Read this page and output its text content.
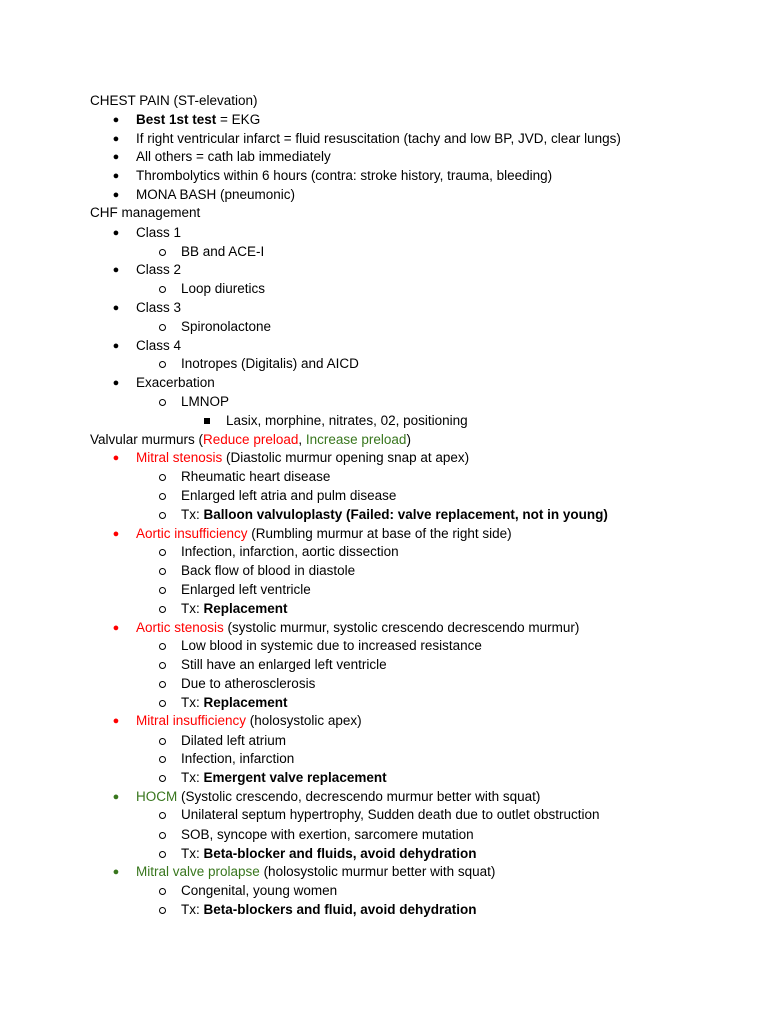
CHEST PAIN (ST-elevation)
● Best 1st test = EKG
● If right ventricular infarct = fluid resuscitation (tachy and low BP, JVD, clear lungs)
● All others = cath lab immediately
● Thrombolytics within 6 hours (contra: stroke history, trauma, bleeding)
● MONA BASH (pneumonic)
CHF management
● Class 1
BB and ACE-I
● Class 2
Loop diuretics
● Class 3
Spironolactone
● Class 4
Inotropes (Digitalis) and AICD
● Exacerbation
LMNOP
Lasix, morphine, nitrates, 02, positioning
Valvular murmurs (Reduce preload, Increase preload)
● Mitral stenosis (Diastolic murmur opening snap at apex)
Rheumatic heart disease
Enlarged left atria and pulm disease
Tx: Balloon valvuloplasty (Failed: valve replacement, not in young)
● Aortic insufficiency (Rumbling murmur at base of the right side)
Infection, infarction, aortic dissection
Back flow of blood in diastole
Enlarged left ventricle
Tx: Replacement
● Aortic stenosis (systolic murmur, systolic crescendo decrescendo murmur)
Low blood in systemic due to increased resistance
Still have an enlarged left ventricle
Due to atherosclerosis
Tx: Replacement
● Mitral insufficiency (holosystolic apex)
Dilated left atrium
Infection, infarction
Tx: Emergent valve replacement
● HOCM (Systolic crescendo, decrescendo murmur better with squat)
Unilateral septum hypertrophy, Sudden death due to outlet obstruction
SOB, syncope with exertion, sarcomere mutation
Tx: Beta-blocker and fluids, avoid dehydration
● Mitral valve prolapse (holosystolic murmur better with squat)
Congenital, young women
Tx: Beta-blockers and fluid, avoid dehydration
